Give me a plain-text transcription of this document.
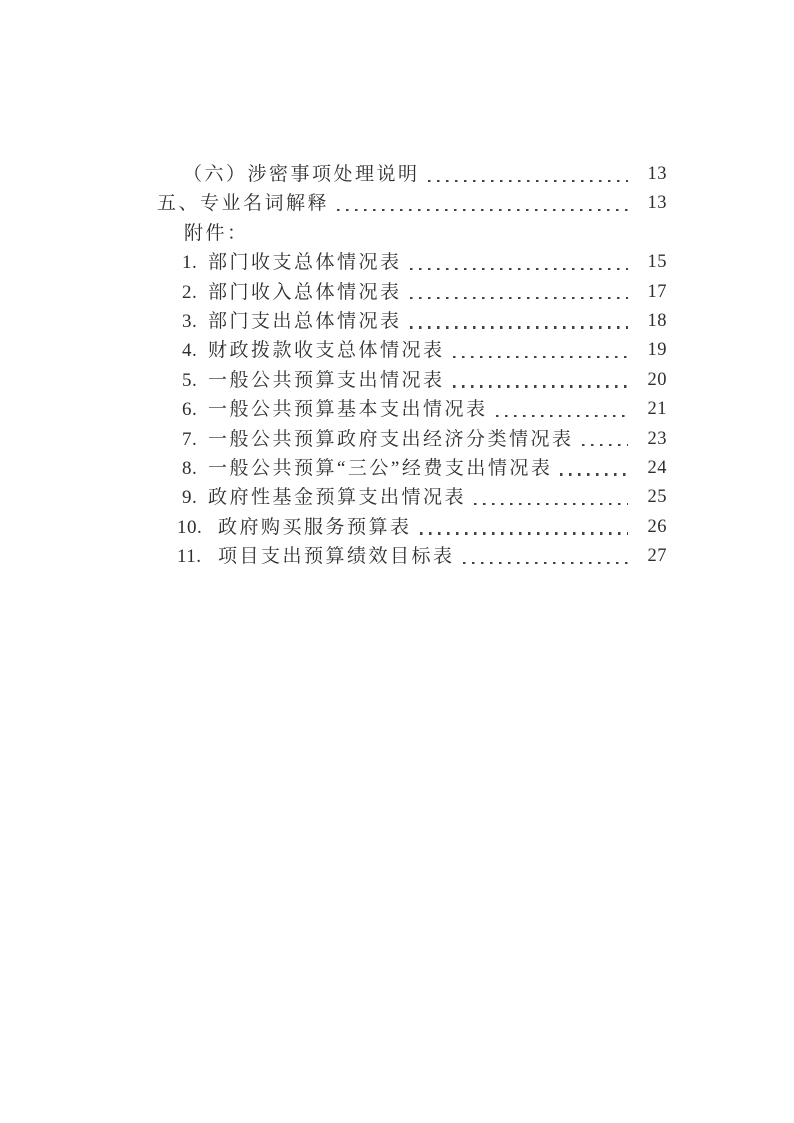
（六）涉密事项处理说明	13
五、专业名词解释	13
附件：
1. 部门收支总体情况表	15
2. 部门收入总体情况表	17
3. 部门支出总体情况表	18
4. 财政拨款收支总体情况表	19
5. 一般公共预算支出情况表	20
6. 一般公共预算基本支出情况表	21
7. 一般公共预算政府支出经济分类情况表	23
8. 一般公共预算“三公”经费支出情况表	24
9. 政府性基金预算支出情况表	25
10. 政府购买服务预算表	26
11. 项目支出预算绩效目标表	27
